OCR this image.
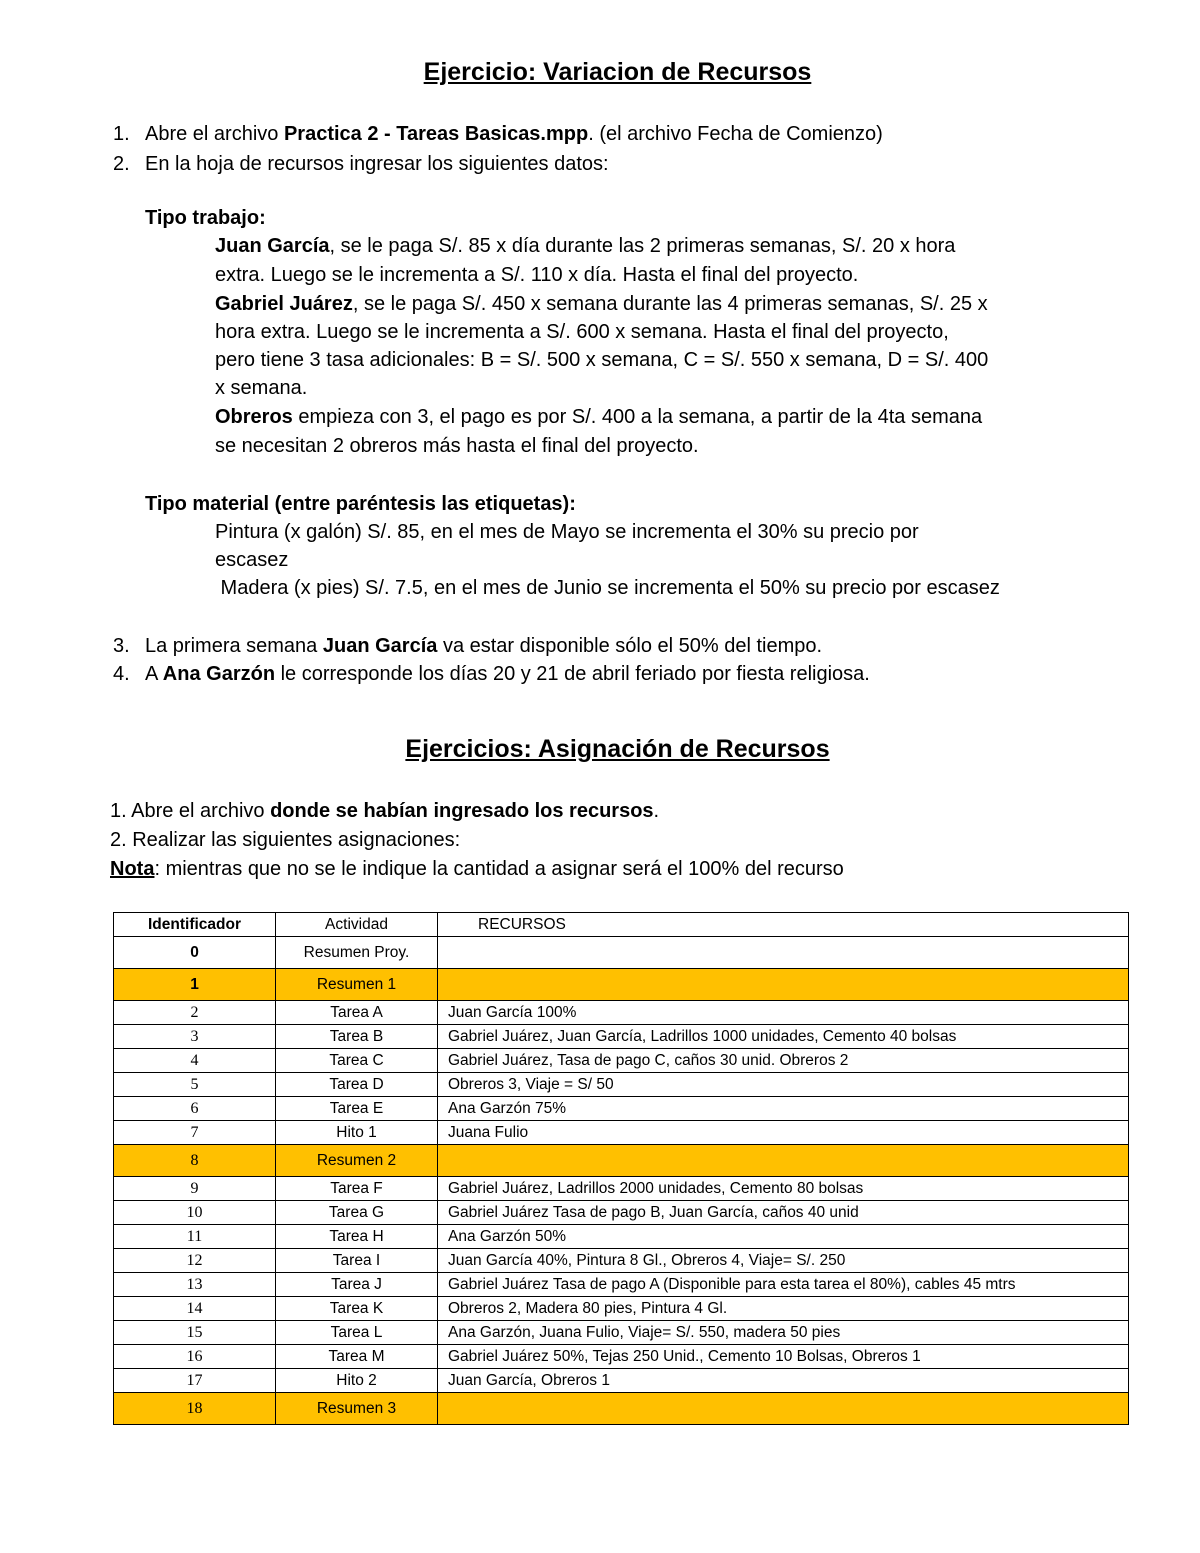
Ejercicio: Variacion de Recursos
1. Abre el archivo Practica 2 - Tareas Basicas.mpp. (el archivo Fecha de Comienzo)
2. En la hoja de recursos ingresar los siguientes datos:
Tipo trabajo:
Juan García, se le paga S/. 85 x día durante las 2 primeras semanas, S/. 20 x hora
extra. Luego se le incrementa a S/. 110 x día. Hasta el final del proyecto.
Gabriel Juárez, se le paga S/. 450 x semana durante las 4 primeras semanas, S/. 25 x
hora extra. Luego se le incrementa a S/. 600 x semana. Hasta el final del proyecto,
pero tiene 3 tasa adicionales: B = S/. 500 x semana, C = S/. 550 x semana, D = S/. 400
x semana.
Obreros empieza con 3, el pago es por S/. 400 a la semana, a partir de la 4ta semana
se necesitan 2 obreros más hasta el final del proyecto.
Tipo material (entre paréntesis las etiquetas):
Pintura (x galón) S/. 85, en el mes de Mayo se incrementa el 30% su precio por
escasez
Madera (x pies) S/. 7.5, en el mes de Junio se incrementa el 50% su precio por escasez
3. La primera semana Juan García va estar disponible sólo el 50% del tiempo.
4. A Ana Garzón le corresponde los días 20 y 21 de abril feriado por fiesta religiosa.
Ejercicios: Asignación de Recursos
1. Abre el archivo donde se habían ingresado los recursos.
2. Realizar las siguientes asignaciones:
Nota: mientras que no se le indique la cantidad a asignar será el 100% del recurso
Identificador	Actividad	RECURSOS
0	Resumen Proy.	
1	Resumen 1	
2	Tarea A	Juan García 100%
3	Tarea B	Gabriel Juárez, Juan García, Ladrillos 1000 unidades, Cemento 40 bolsas
4	Tarea C	Gabriel Juárez, Tasa de pago C, caños 30 unid. Obreros 2
5	Tarea D	Obreros 3, Viaje = S/ 50
6	Tarea E	Ana Garzón 75%
7	Hito 1	Juana Fulio
8	Resumen 2	
9	Tarea F	Gabriel Juárez, Ladrillos 2000 unidades, Cemento 80 bolsas
10	Tarea G	Gabriel Juárez Tasa de pago B, Juan García, caños 40 unid
11	Tarea H	Ana Garzón 50%
12	Tarea I	Juan García 40%, Pintura 8 Gl., Obreros 4, Viaje= S/. 250
13	Tarea J	Gabriel Juárez Tasa de pago A (Disponible para esta tarea el 80%), cables 45 mtrs
14	Tarea K	Obreros 2, Madera 80 pies, Pintura 4 Gl.
15	Tarea L	Ana Garzón, Juana Fulio, Viaje= S/. 550, madera 50 pies
16	Tarea M	Gabriel Juárez 50%, Tejas 250 Unid., Cemento 10 Bolsas, Obreros 1
17	Hito 2	Juan García, Obreros 1
18	Resumen 3	
